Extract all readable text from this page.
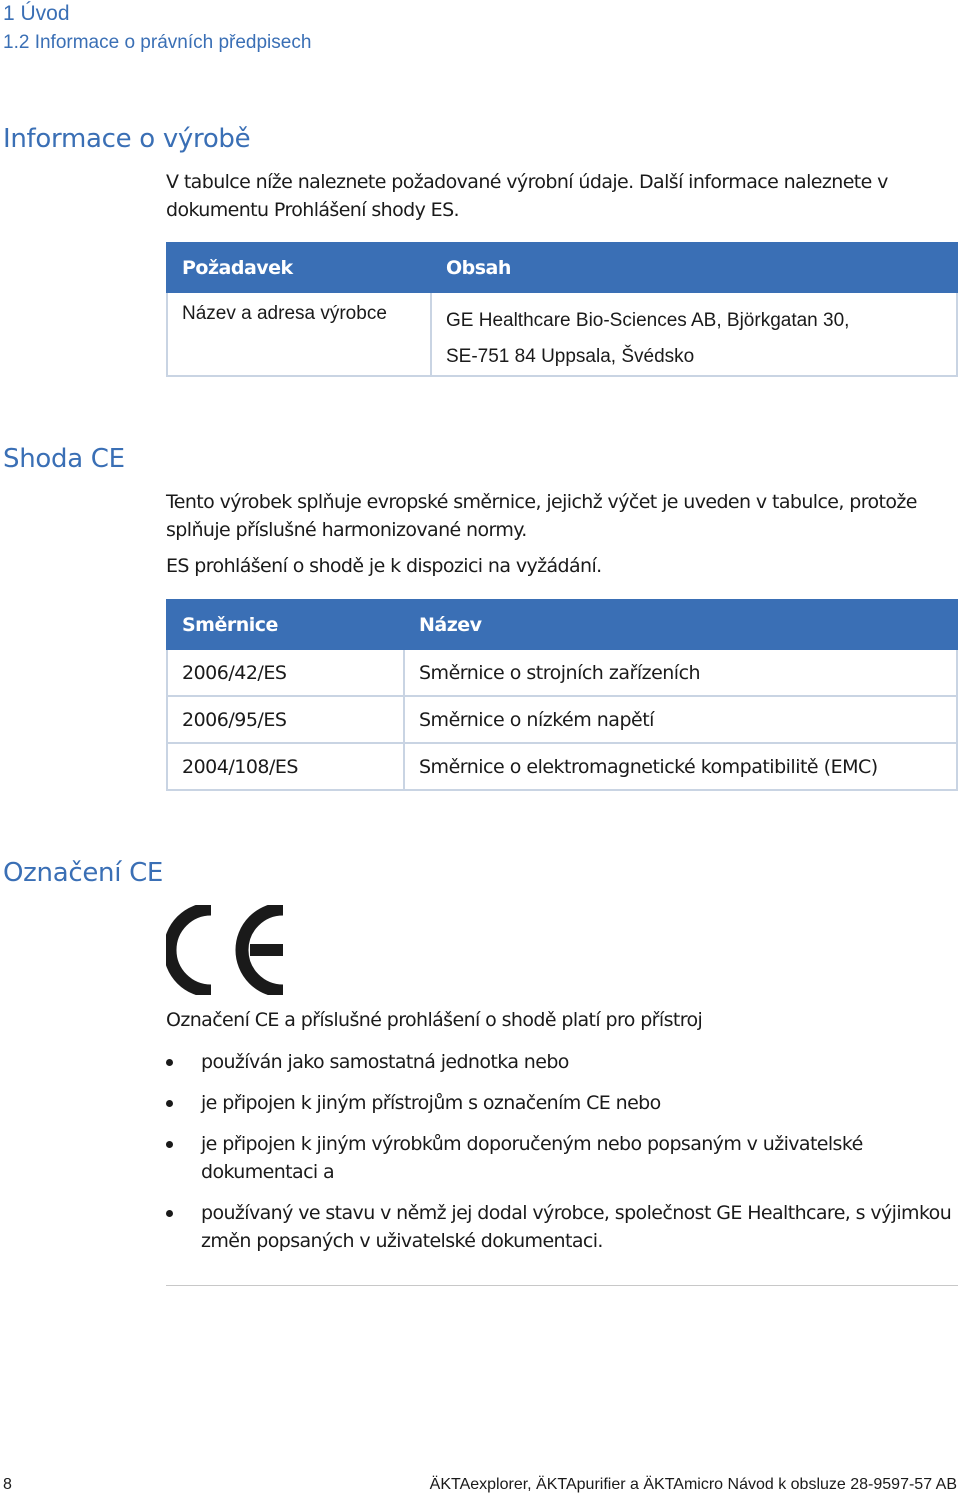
1 Úvod
1.2 Informace o právních předpisech
Informace o výrobě

V tabulce níže naleznete požadované výrobní údaje. Další informace naleznete v dokumentu Prohlášení shody ES.

Požadavek	Obsah
Název a adresa výrobce	GE Healthcare Bio-Sciences AB, Björkgatan 30,
SE-751 84 Uppsala, Švédsko
Shoda CE

Tento výrobek splňuje evropské směrnice, jejichž výčet je uveden v tabulce, protože splňuje příslušné harmonizované normy.

ES prohlášení o shodě je k dispozici na vyžádání.

Směrnice	Název
2006/42/ES	Směrnice o strojních zařízeních
2006/95/ES	Směrnice o nízkém napětí
2004/108/ES	Směrnice o elektromagnetické kompatibilitě (EMC)
Označení CE

Označení CE a příslušné prohlášení o shodě platí pro přístroj

používán jako samostatná jednotka nebo
je připojen k jiným přístrojům s označením CE nebo
je připojen k jiným výrobkům doporučeným nebo popsaným v uživatelské dokumentaci a
používaný ve stavu v němž jej dodal výrobce, společnost GE Healthcare, s výjimkou změn popsaných v uživatelské dokumentaci.
8	ÄKTAexplorer, ÄKTApurifier a ÄKTAmicro Návod k obsluze 28-9597-57 AB
